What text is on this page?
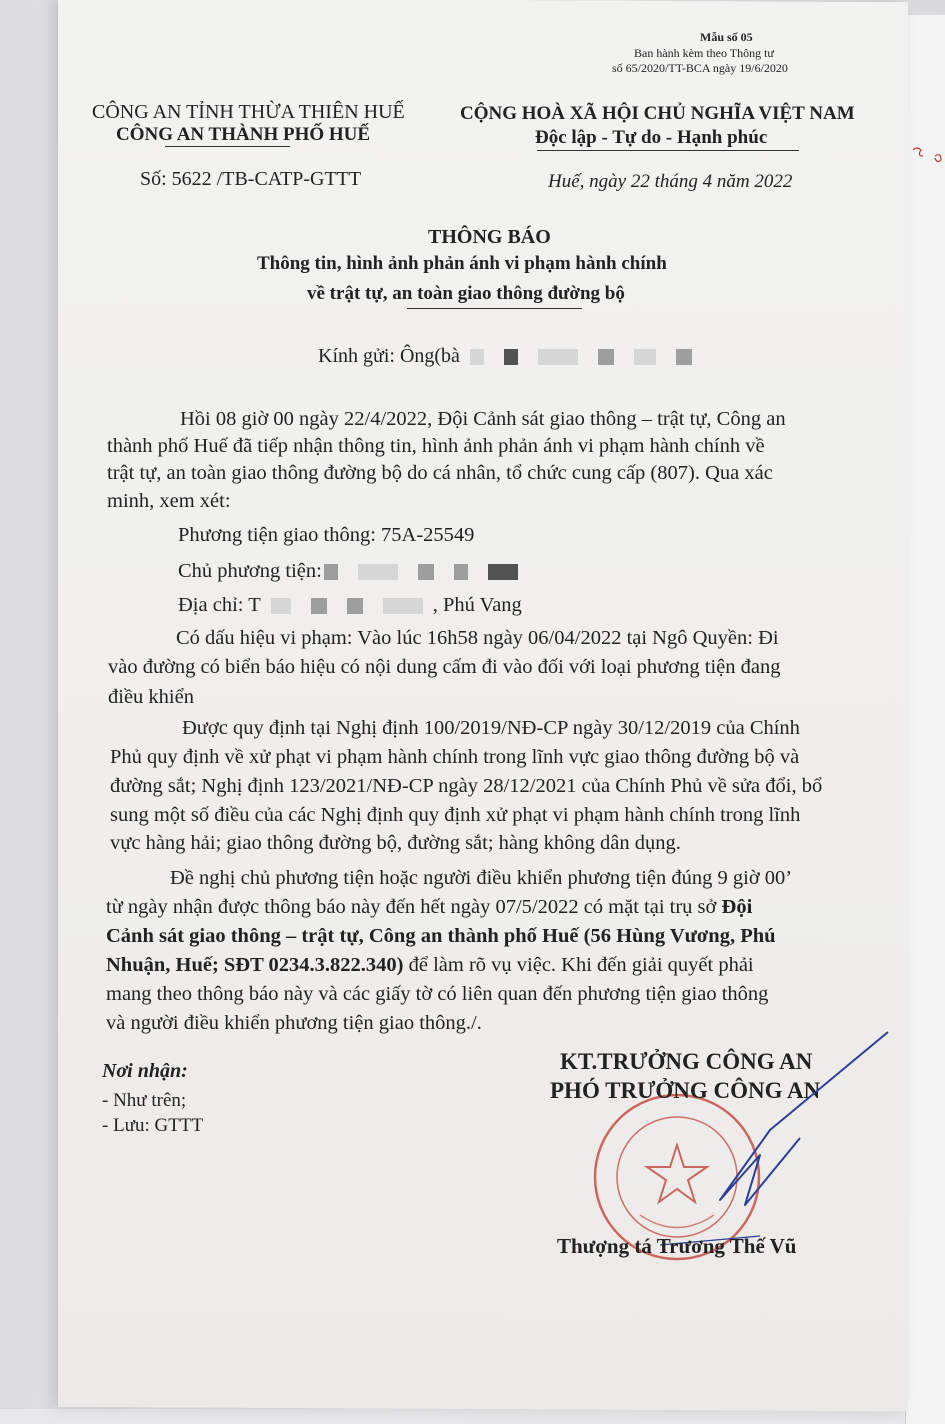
Mẫu số 05
Ban hành kèm theo Thông tư
số 65/2020/TT-BCA ngày 19/6/2020
CÔNG AN TỈNH THỪA THIÊN HUẾ
CÔNG AN THÀNH PHỐ HUẾ
CỘNG HOÀ XÃ HỘI CHỦ NGHĨA VIỆT NAM
Độc lập - Tự do - Hạnh phúc
Số: 5622 /TB-CATP-GTTT	Huế, ngày 22 tháng 4 năm 2022
THÔNG BÁO
Thông tin, hình ảnh phản ánh vi phạm hành chính
về trật tự, an toàn giao thông đường bộ
Kính gửi: Ông(bà
Hồi 08 giờ 00 ngày 22/4/2022, Đội Cảnh sát giao thông – trật tự, Công an
thành phố Huế đã tiếp nhận thông tin, hình ảnh phản ánh vi phạm hành chính về
trật tự, an toàn giao thông đường bộ do cá nhân, tổ chức cung cấp (807). Qua xác
minh, xem xét:
Phương tiện giao thông: 75A-25549
Chủ phương tiện:
Địa chỉ: T	, Phú Vang
Có dấu hiệu vi phạm: Vào lúc 16h58 ngày 06/04/2022 tại Ngô Quyền: Đi
vào đường có biển báo hiệu có nội dung cấm đi vào đối với loại phương tiện đang
điều khiển
Được quy định tại Nghị định 100/2019/NĐ-CP ngày 30/12/2019 của Chính
Phủ quy định về xử phạt vi phạm hành chính trong lĩnh vực giao thông đường bộ và
đường sắt; Nghị định 123/2021/NĐ-CP ngày 28/12/2021 của Chính Phủ về sửa đổi, bổ
sung một số điều của các Nghị định quy định xử phạt vi phạm hành chính trong lĩnh
vực hàng hải; giao thông đường bộ, đường sắt; hàng không dân dụng.
Đề nghị chủ phương tiện hoặc người điều khiển phương tiện đúng 9 giờ 00’
từ ngày nhận được thông báo này đến hết ngày 07/5/2022 có mặt tại trụ sở Đội
Cảnh sát giao thông – trật tự, Công an thành phố Huế (56 Hùng Vương, Phú
Nhuận, Huế; SĐT 0234.3.822.340) để làm rõ vụ việc. Khi đến giải quyết phải
mang theo thông báo này và các giấy tờ có liên quan đến phương tiện giao thông
và người điều khiển phương tiện giao thông./.
Nơi nhận:
- Như trên;
- Lưu: GTTT
KT.TRƯỞNG CÔNG AN
PHÓ TRƯỞNG CÔNG AN
Thượng tá Trương Thế Vũ
